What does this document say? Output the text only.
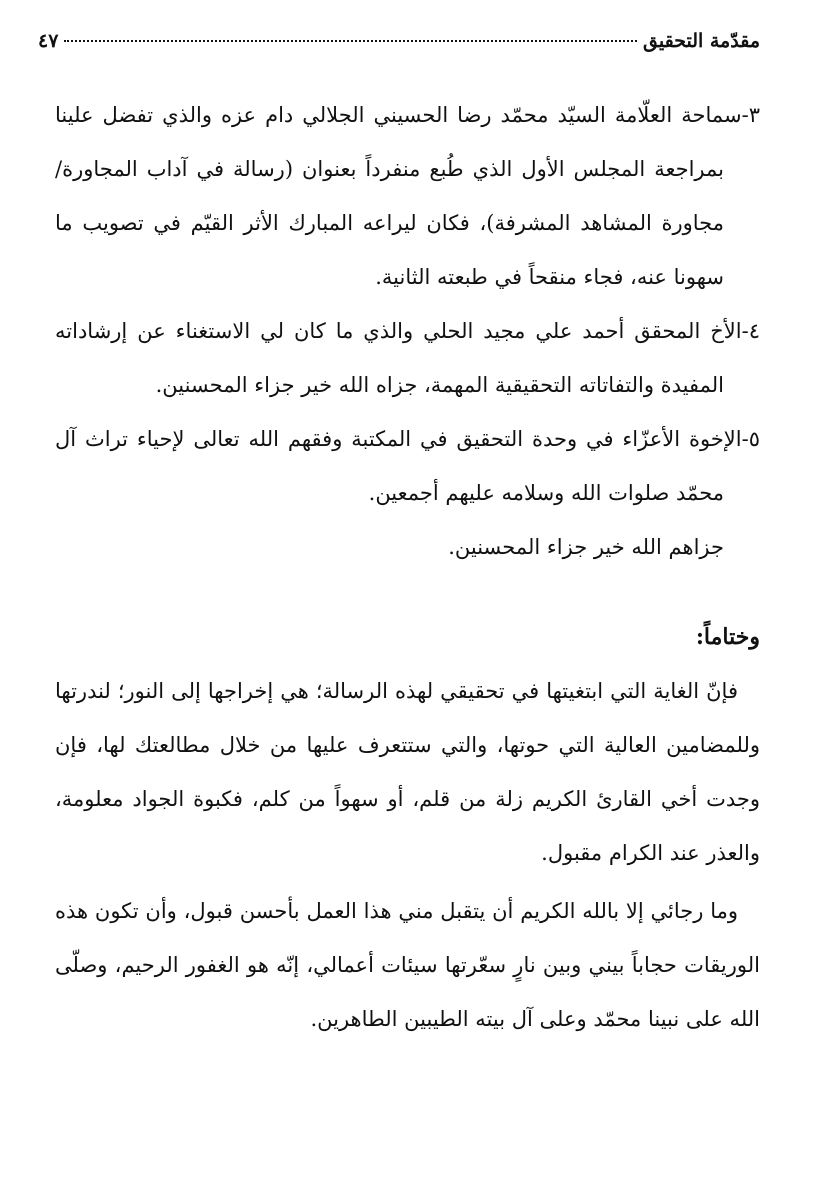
مقدّمة التحقيق
٤٧

٣-سماحة العلّامة السيّد محمّد رضا الحسيني الجلالي دام عزه والذي تفضل علينا بمراجعة المجلس الأول الذي طُبع منفرداً بعنوان (رسالة في آداب المجاورة/ مجاورة المشاهد المشرفة)، فكان ليراعه المبارك الأثر القيّم في تصويب ما سهونا عنه، فجاء منقحاً في طبعته الثانية.

٤-الأخ المحقق أحمد علي مجيد الحلي والذي ما كان لي الاستغناء عن إرشاداته المفيدة والتفاتاته التحقيقية المهمة، جزاه الله خير جزاء المحسنين.

٥-الإخوة الأعزّاء في وحدة التحقيق في المكتبة وفقهم الله تعالى لإحياء تراث آل محمّد صلوات الله وسلامه عليهم أجمعين.

جزاهم الله خير جزاء المحسنين.

وختاماً:

فإنّ الغاية التي ابتغيتها في تحقيقي لهذه الرسالة؛ هي إخراجها إلى النور؛ لندرتها وللمضامين العالية التي حوتها، والتي ستتعرف عليها من خلال مطالعتك لها، فإن وجدت أخي القارئ الكريم زلة من قلم، أو سهواً من كلم، فكبوة الجواد معلومة، والعذر عند الكرام مقبول.

وما رجائي إلا بالله الكريم أن يتقبل مني هذا العمل بأحسن قبول، وأن تكون هذه الوريقات حجاباً بيني وبين نارٍ سعّرتها سيئات أعمالي، إنّه هو الغفور الرحيم، وصلّى الله على نبينا محمّد وعلى آل بيته الطيبين الطاهرين.
